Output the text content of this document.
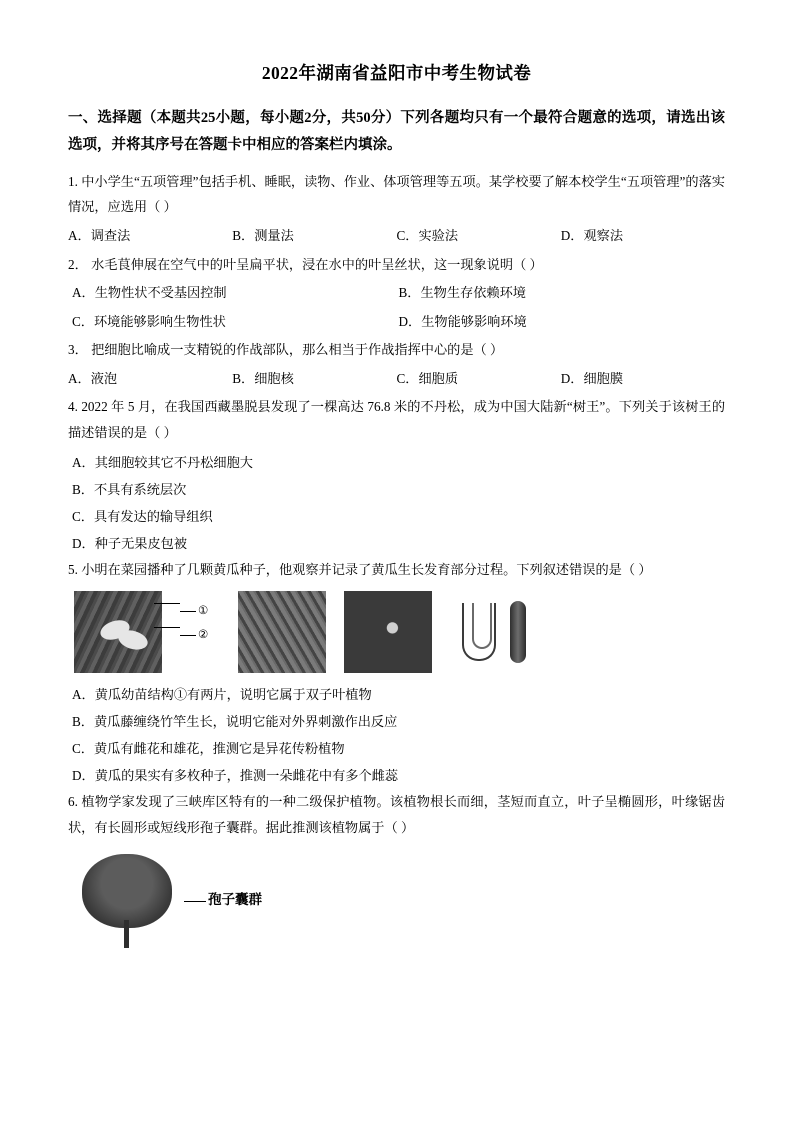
2022年湖南省益阳市中考生物试卷
一、选择题（本题共25小题，每小题2分，共50分）下列各题均只有一个最符合题意的选项，请选出该选项，并将其序号在答题卡中相应的答案栏内填涂。
1. 中小学生“五项管理”包括手机、睡眠，读物、作业、体项管理等五项。某学校要了解本校学生“五项管理”的落实情况，应选用（ ）
A．调查法	B．测量法	C．实验法	D．观察法
2． 水毛茛伸展在空气中的叶呈扁平状，浸在水中的叶呈丝状，这一现象说明（ ）
A．生物性状不受基因控制	B．生物生存依赖环境
C．环境能够影响生物性状	D．生物能够影响环境
3． 把细胞比喻成一支精锐的作战部队，那么相当于作战指挥中心的是（ ）
A．液泡	B．细胞核	C．细胞质	D．细胞膜
4. 2022 年 5 月，在我国西藏墨脱县发现了一棵高达 76.8 米的不丹松，成为中国大陆新“树王”。下列关于该树王的描述错误的是（ ）
A．其细胞较其它不丹松细胞大
B．不具有系统层次
C．具有发达的输导组织
D．种子无果皮包被
5. 小明在菜园播种了几颗黄瓜种子，他观察并记录了黄瓜生长发育部分过程。下列叙述错误的是（ ）
①
②
A．黄瓜幼苗结构①有两片，说明它属于双子叶植物
B．黄瓜藤缠绕竹竿生长，说明它能对外界刺激作出反应
C．黄瓜有雌花和雄花，推测它是异花传粉植物
D．黄瓜的果实有多枚种子，推测一朵雌花中有多个雌蕊
6. 植物学家发现了三峡库区特有的一种二级保护植物。该植物根长而细，茎短而直立，叶子呈椭圆形，叶缘锯齿状，有长圆形或短线形孢子囊群。据此推测该植物属于（ ）
孢子囊群
